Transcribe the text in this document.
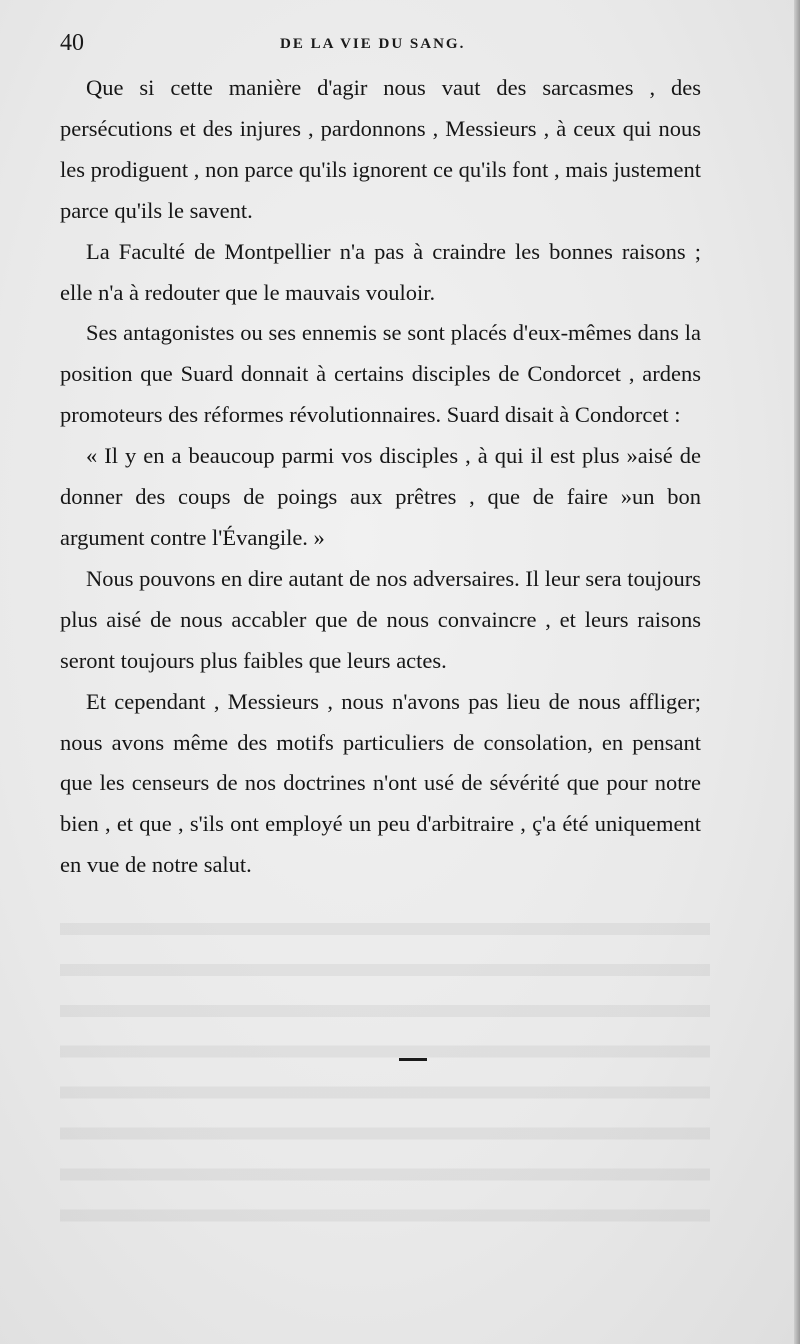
40	DE LA VIE DU SANG.

Que si cette manière d'agir nous vaut des sarcasmes , des persécutions et des injures , pardonnons , Messieurs , à ceux qui nous les prodiguent , non parce qu'ils ignorent ce qu'ils font , mais justement parce qu'ils le savent.

La Faculté de Montpellier n'a pas à craindre les bonnes raisons ; elle n'a à redouter que le mauvais vouloir.

Ses antagonistes ou ses ennemis se sont placés d'eux-mêmes dans la position que Suard donnait à certains disciples de Condorcet , ardens promoteurs des réformes révolutionnaires. Suard disait à Condorcet :

« Il y en a beaucoup parmi vos disciples , à qui il est plus »aisé de donner des coups de poings aux prêtres , que de faire »un bon argument contre l'Évangile. »

Nous pouvons en dire autant de nos adversaires. Il leur sera toujours plus aisé de nous accabler que de nous convaincre , et leurs raisons seront toujours plus faibles que leurs actes.

Et cependant , Messieurs , nous n'avons pas lieu de nous affliger; nous avons même des motifs particuliers de consolation, en pensant que les censeurs de nos doctrines n'ont usé de sévérité que pour notre bien , et que , s'ils ont employé un peu d'arbitraire , ç'a été uniquement en vue de notre salut.
